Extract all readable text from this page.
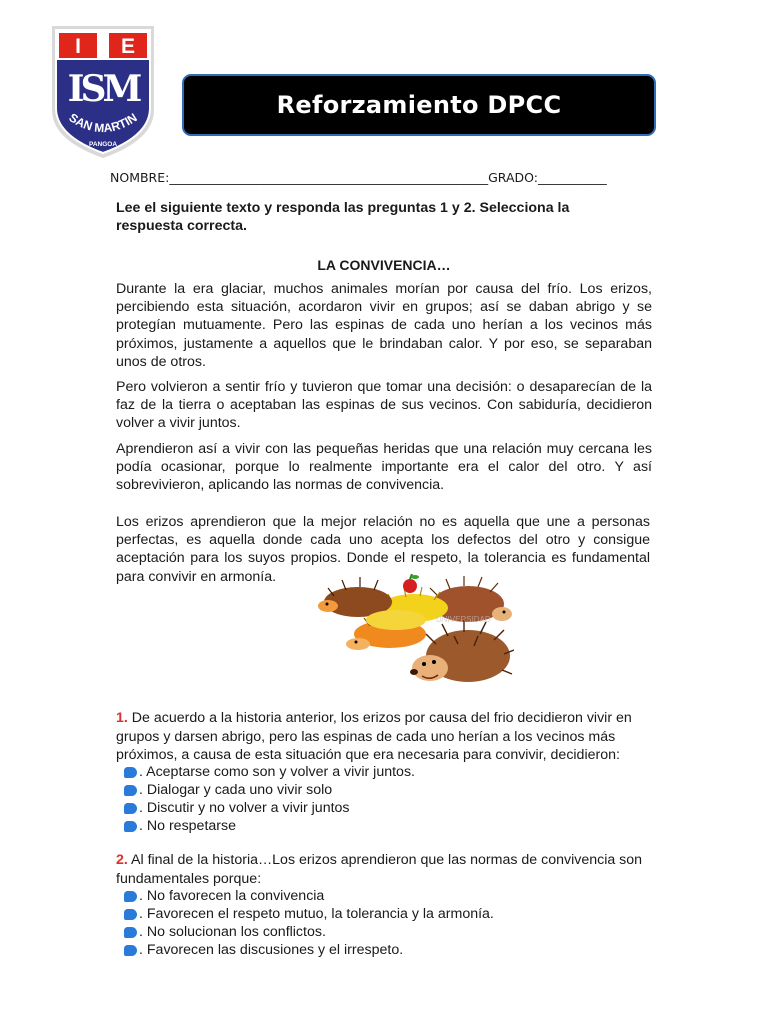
I E
ISM
SAN MARTIN
PANGOA
Reforzamiento DPCC
NOMBRE:___________________________________________________GRADO:___________
Lee el siguiente texto y responda las preguntas 1 y 2. Selecciona la respuesta correcta.
LA CONVIVENCIA…
Durante la era glaciar, muchos animales morían por causa del frío. Los erizos, percibiendo esta situación, acordaron vivir en grupos; así se daban abrigo y se protegían mutuamente. Pero las espinas de cada uno herían a los vecinos más próximos, justamente a aquellos que le brindaban calor. Y por eso, se separaban unos de otros.
Pero volvieron a sentir frío y tuvieron que tomar una decisión: o desaparecían de la faz de la tierra o aceptaban las espinas de sus vecinos. Con sabiduría, decidieron volver a vivir juntos.
Aprendieron así a vivir con las pequeñas heridas que una relación muy cercana les podía ocasionar, porque lo realmente importante era el calor del otro. Y así sobrevivieron, aplicando las normas de convivencia.
Los erizos aprendieron que la mejor relación no es aquella que une a personas perfectas, es aquella donde cada uno acepta los defectos del otro y consigue aceptación para los suyos propios. Donde el respeto, la tolerancia es fundamental para convivir en armonía.
UNIVERSIDAD
1. De acuerdo a la historia anterior, los erizos por causa del frio decidieron vivir en grupos y darsen abrigo, pero las espinas de cada uno herían a los vecinos más próximos, a causa de esta situación que era necesaria para convivir, decidieron:
. Aceptarse como son y volver a vivir juntos.
. Dialogar y cada uno vivir solo
. Discutir y no volver a vivir juntos
. No respetarse
2. Al final de la historia…Los erizos aprendieron que las normas de convivencia son fundamentales porque:
. No favorecen la convivencia
. Favorecen el respeto mutuo, la tolerancia y la armonía.
. No solucionan los conflictos.
. Favorecen las discusiones y el irrespeto.
